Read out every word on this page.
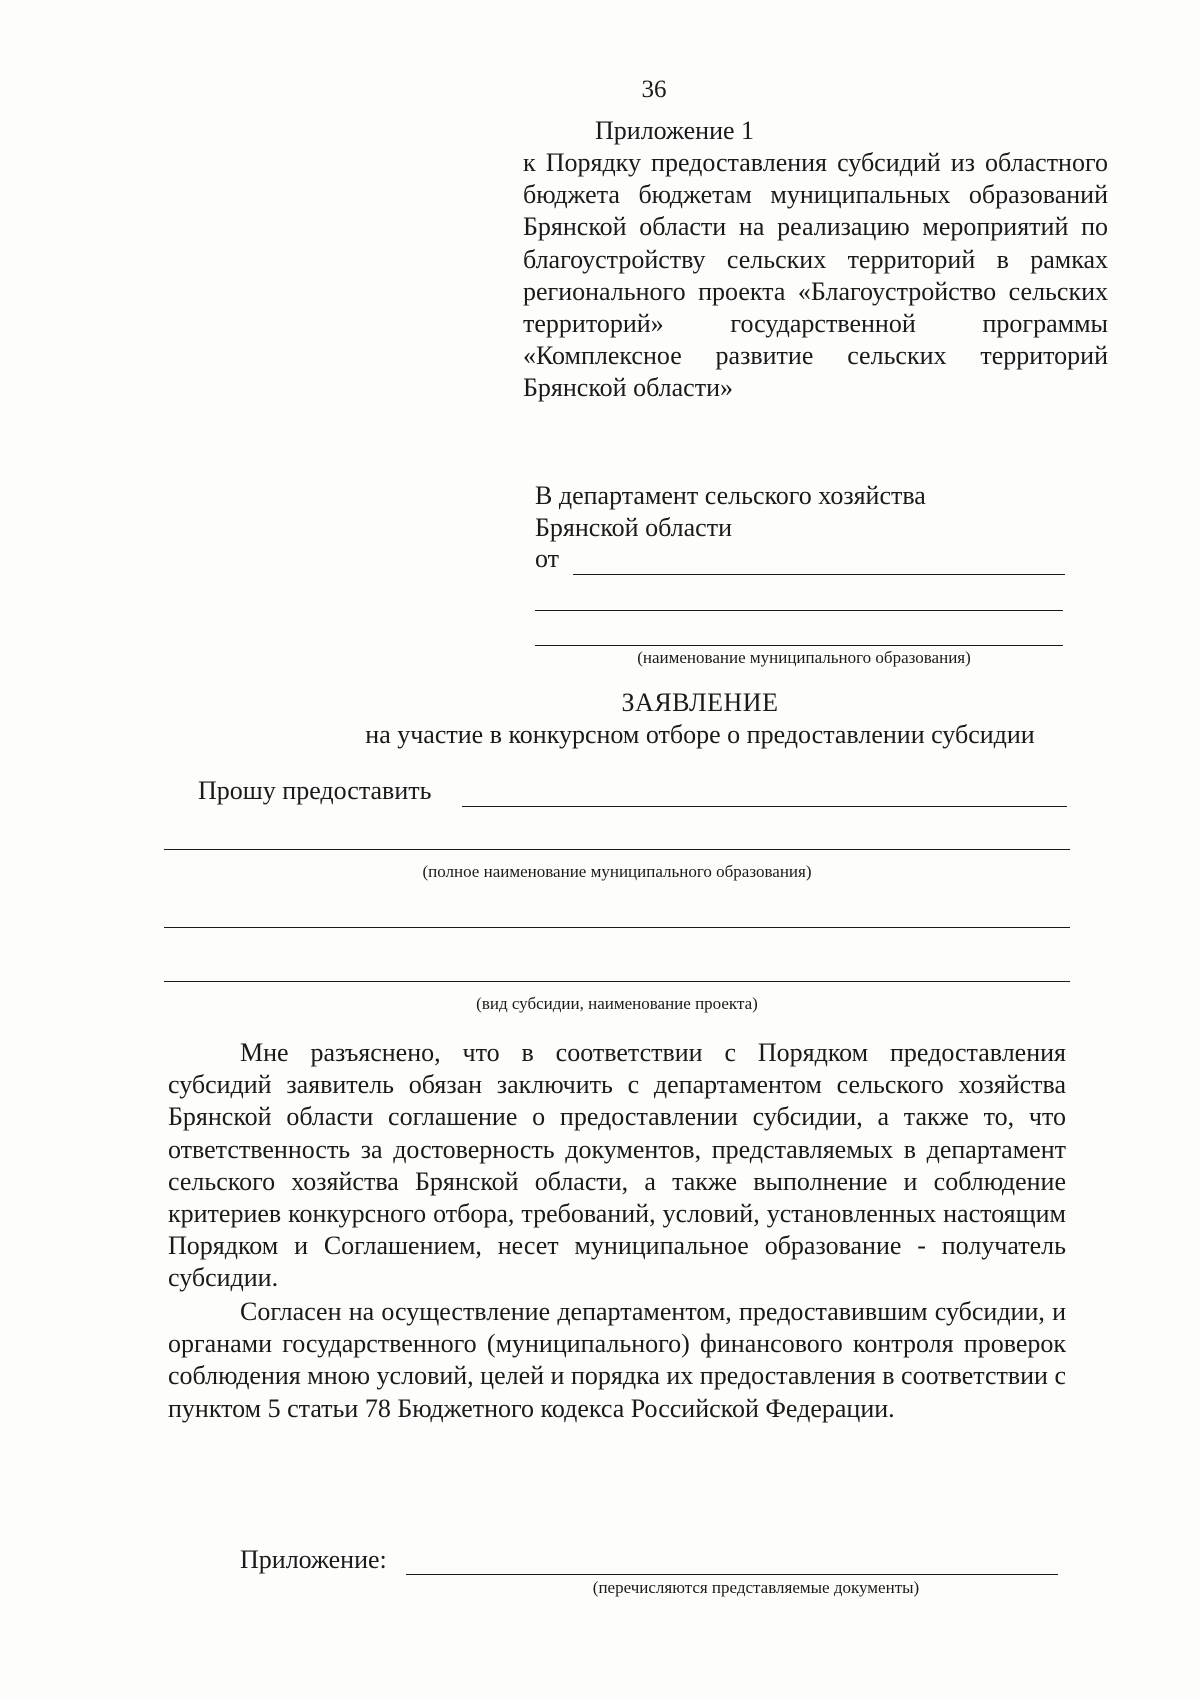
36
Приложение 1
к Порядку предоставления субсидий из областного бюджета бюджетам муниципальных образований Брянской области на реализацию мероприятий по благоустройству сельских территорий в рамках регионального проекта «Благоустройство сельских территорий» государственной программы «Комплексное развитие сельских территорий Брянской области»
В департамент сельского хозяйства
Брянской области
от
(наименование муниципального образования)
ЗАЯВЛЕНИЕ
на участие в конкурсном отборе о предоставлении субсидии
Прошу предоставить
(полное наименование муниципального образования)
(вид субсидии, наименование проекта)
Мне разъяснено, что в соответствии с Порядком предоставления субсидий заявитель обязан заключить с департаментом сельского хозяйства Брянской области соглашение о предоставлении субсидии, а также то, что ответственность за достоверность документов, представляемых в департамент сельского хозяйства Брянской области, а также выполнение и соблюдение критериев конкурсного отбора, требований, условий, установленных настоящим Порядком и Соглашением, несет муниципальное образование - получатель субсидии.
Согласен на осуществление департаментом, предоставившим субсидии, и органами государственного (муниципального) финансового контроля проверок соблюдения мною условий, целей и порядка их предоставления в соответствии с пунктом 5 статьи 78 Бюджетного кодекса Российской Федерации.
Приложение:
(перечисляются представляемые документы)
